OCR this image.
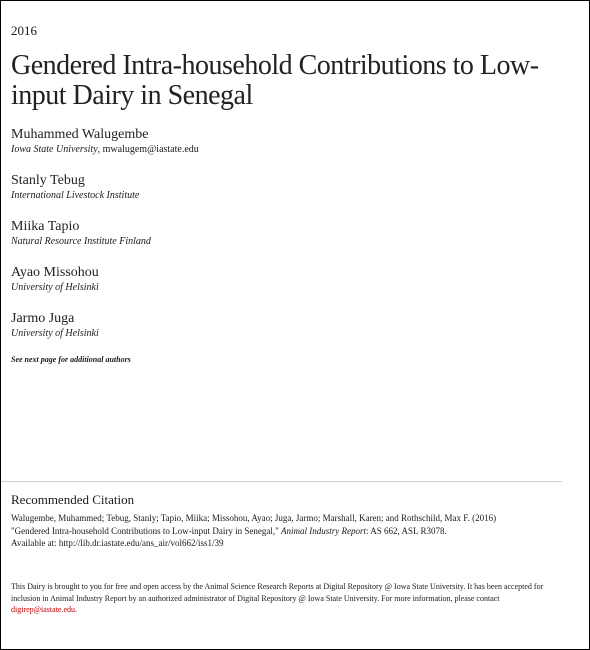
2016
Gendered Intra-household Contributions to Low-input Dairy in Senegal
Muhammed Walugembe
Iowa State University, mwalugem@iastate.edu
Stanly Tebug
International Livestock Institute
Miika Tapio
Natural Resource Institute Finland
Ayao Missohou
University of Helsinki
Jarmo Juga
University of Helsinki
See next page for additional authors
Recommended Citation
Walugembe, Muhammed; Tebug, Stanly; Tapio, Miika; Missohou, Ayao; Juga, Jarmo; Marshall, Karen; and Rothschild, Max F. (2016)
"Gendered Intra-household Contributions to Low-input Dairy in Senegal," Animal Industry Report: AS 662, ASL R3078.
Available at: http://lib.dr.iastate.edu/ans_air/vol662/iss1/39
This Dairy is brought to you for free and open access by the Animal Science Research Reports at Digital Repository @ Iowa State University. It has been accepted for inclusion in Animal Industry Report by an authorized administrator of Digital Repository @ Iowa State University. For more information, please contact digirep@iastate.edu.
